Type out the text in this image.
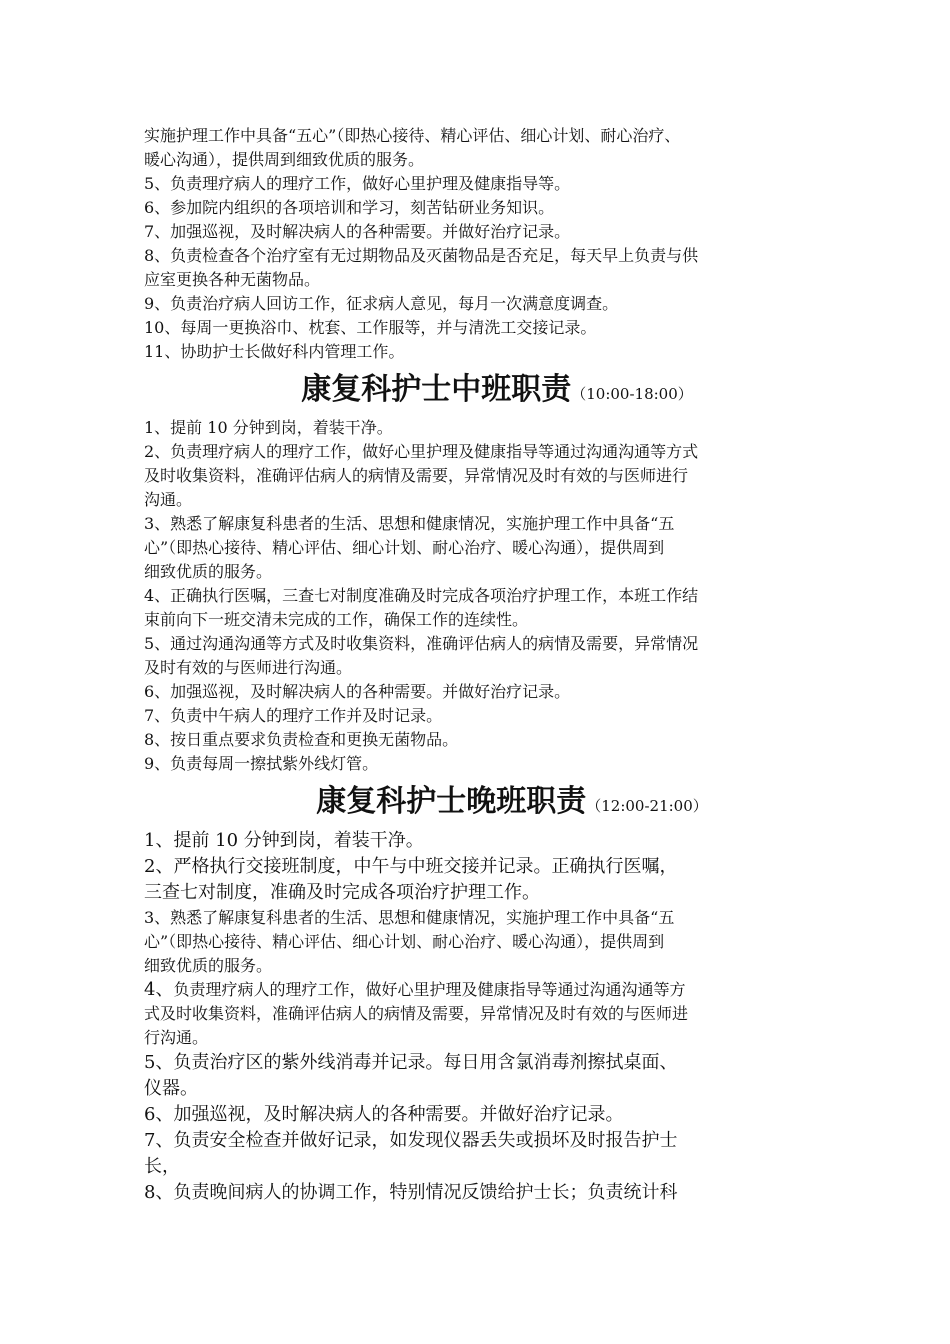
实施护理工作中具备“五心”（即热心接待、精心评估、细心计划、耐心治疗、
暖心沟通），提供周到细致优质的服务。
5、负责理疗病人的理疗工作，做好心里护理及健康指导等。
6、参加院内组织的各项培训和学习，刻苦钻研业务知识。
7、加强巡视，及时解决病人的各种需要。并做好治疗记录。
8、负责检查各个治疗室有无过期物品及灭菌物品是否充足，每天早上负责与供
应室更换各种无菌物品。
9、负责治疗病人回访工作，征求病人意见，每月一次满意度调查。
10、每周一更换浴巾、枕套、工作服等，并与清洗工交接记录。
11、协助护士长做好科内管理工作。
康复科护士中班职责（10:00-18:00）
1、提前 10 分钟到岗，着装干净。
2、负责理疗病人的理疗工作，做好心里护理及健康指导等通过沟通沟通等方式
及时收集资料，准确评估病人的病情及需要，异常情况及时有效的与医师进行
沟通。
3、熟悉了解康复科患者的生活、思想和健康情况，实施护理工作中具备“五
心”（即热心接待、精心评估、细心计划、耐心治疗、暖心沟通），提供周到
细致优质的服务。
4、正确执行医嘱，三查七对制度准确及时完成各项治疗护理工作，本班工作结
束前向下一班交清未完成的工作，确保工作的连续性。
5、通过沟通沟通等方式及时收集资料，准确评估病人的病情及需要，异常情况
及时有效的与医师进行沟通。
6、加强巡视，及时解决病人的各种需要。并做好治疗记录。
7、负责中午病人的理疗工作并及时记录。
8、按日重点要求负责检查和更换无菌物品。
9、负责每周一擦拭紫外线灯管。
康复科护士晚班职责（12:00-21:00）
1、提前 10 分钟到岗，着装干净。
2、严格执行交接班制度，中午与中班交接并记录。正确执行医嘱，
三查七对制度，准确及时完成各项治疗护理工作。
3、熟悉了解康复科患者的生活、思想和健康情况，实施护理工作中具备“五
心”（即热心接待、精心评估、细心计划、耐心治疗、暖心沟通），提供周到
细致优质的服务。
4、负责理疗病人的理疗工作，做好心里护理及健康指导等通过沟通沟通等方
式及时收集资料，准确评估病人的病情及需要，异常情况及时有效的与医师进
行沟通。
5、负责治疗区的紫外线消毒并记录。每日用含氯消毒剂擦拭桌面、
仪器。
6、加强巡视，及时解决病人的各种需要。并做好治疗记录。
7、负责安全检查并做好记录，如发现仪器丢失或损坏及时报告护士
长，
8、负责晚间病人的协调工作，特别情况反馈给护士长；负责统计科
